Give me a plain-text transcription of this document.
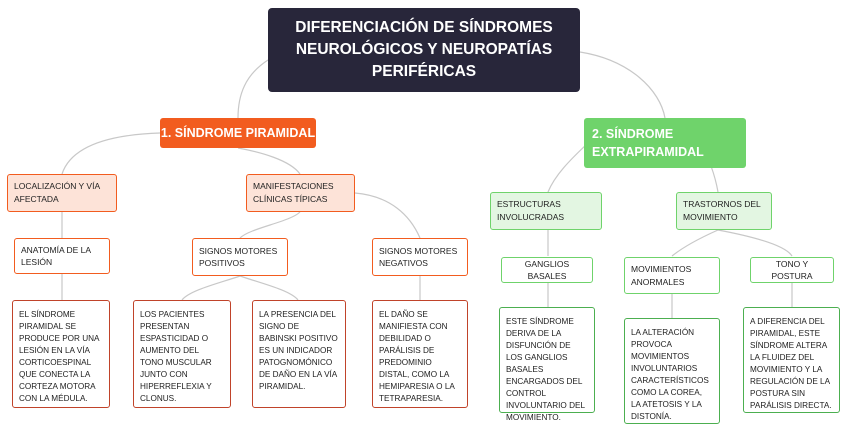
DIFERENCIACIÓN DE SÍNDROMES NEUROLÓGICOS Y NEUROPATÍAS PERIFÉRICAS
1. SÍNDROME PIRAMIDAL
LOCALIZACIÓN Y VÍA AFECTADA
MANIFESTACIONES CLÍNICAS TÍPICAS
ANATOMÍA DE LA LESIÓN
SIGNOS MOTORES POSITIVOS
SIGNOS MOTORES NEGATIVOS
EL SÍNDROME PIRAMIDAL SE PRODUCE POR UNA LESIÓN EN LA VÍA CORTICOESPINAL QUE CONECTA LA CORTEZA MOTORA CON LA MÉDULA.
LOS PACIENTES PRESENTAN ESPASTICIDAD O AUMENTO DEL TONO MUSCULAR JUNTO CON HIPERREFLEXIA Y CLONUS.
LA PRESENCIA DEL SIGNO DE BABINSKI POSITIVO ES UN INDICADOR PATOGNOMÓNICO DE DAÑO EN LA VÍA PIRAMIDAL.
EL DAÑO SE MANIFIESTA CON DEBILIDAD O PARÁLISIS DE PREDOMINIO DISTAL, COMO LA HEMIPARESIA O LA TETRAPARESIA.
2. SÍNDROME EXTRAPIRAMIDAL
ESTRUCTURAS INVOLUCRADAS
TRASTORNOS DEL MOVIMIENTO
GANGLIOS BASALES
MOVIMIENTOS ANORMALES
TONO Y POSTURA
ESTE SÍNDROME DERIVA DE LA DISFUNCIÓN DE LOS GANGLIOS BASALES ENCARGADOS DEL CONTROL INVOLUNTARIO DEL MOVIMIENTO.
LA ALTERACIÓN PROVOCA MOVIMIENTOS INVOLUNTARIOS CARACTERÍSTICOS COMO LA COREA, LA ATETOSIS Y LA DISTONÍA.
A DIFERENCIA DEL PIRAMIDAL, ESTE SÍNDROME ALTERA LA FLUIDEZ DEL MOVIMIENTO Y LA REGULACIÓN DE LA POSTURA SIN PARÁLISIS DIRECTA.
